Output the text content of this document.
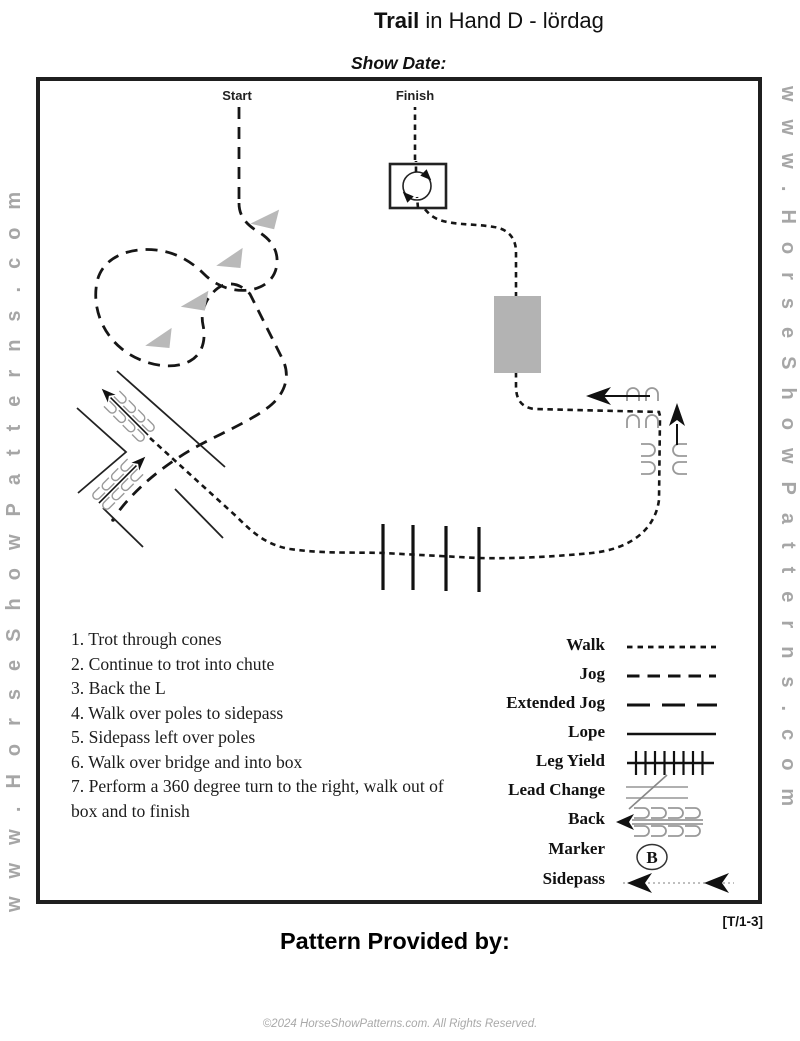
Trail in Hand D - lördag
Show Date:
www.HorseShowPatterns.com	www.HorseShowPatterns.com
B
Start	Finish
1. Trot through cones
2. Continue to trot into chute
3. Back the L
4. Walk over poles to sidepass
5. Sidepass left over poles
6. Walk over bridge and into box
7. Perform a 360 degree turn to the right, walk out of box and to finish
Walk
Jog
Extended Jog
Lope
Leg Yield
Lead Change
Back
Marker
Sidepass
[T/1-3]
Pattern Provided by:
©2024 HorseShowPatterns.com. All Rights Reserved.
